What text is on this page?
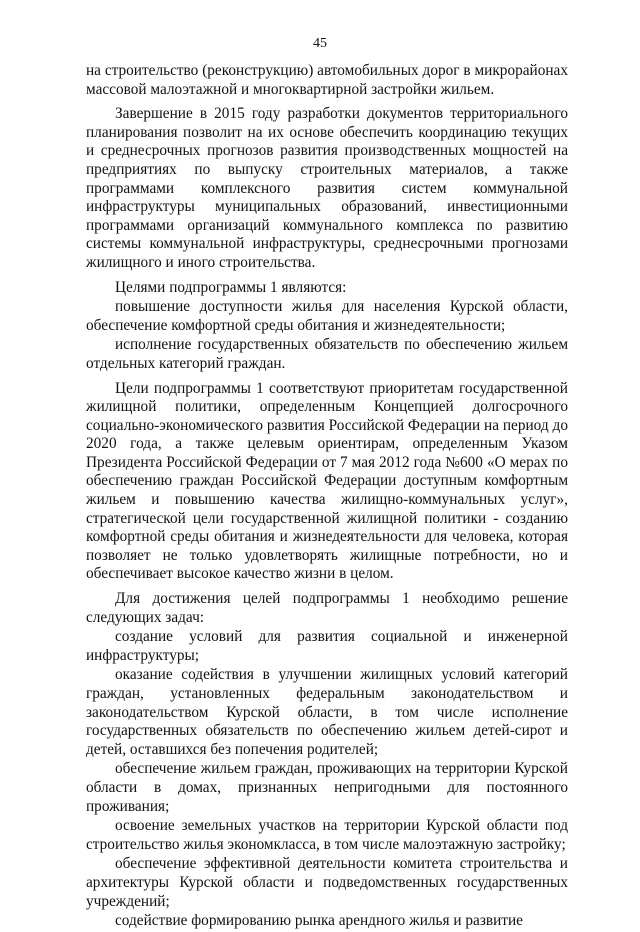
45

на строительство (реконструкцию) автомобильных дорог в микрорайонах массовой малоэтажной и многоквартирной застройки жильем.

Завершение в 2015 году разработки документов территориального планирования позволит на их основе обеспечить координацию текущих и среднесрочных прогнозов развития производственных мощностей на предприятиях по выпуску строительных материалов, а также программами комплексного развития систем коммунальной инфраструктуры муниципальных образований, инвестиционными программами организаций коммунального комплекса по развитию системы коммунальной инфраструктуры, среднесрочными прогнозами жилищного и иного строительства.

Целями подпрограммы 1 являются:

повышение доступности жилья для населения Курской области, обеспечение комфортной среды обитания и жизнедеятельности;

исполнение государственных обязательств по обеспечению жильем отдельных категорий граждан.

Цели подпрограммы 1 соответствуют приоритетам государственной жилищной политики, определенным Концепцией долгосрочного социально-экономического развития Российской Федерации на период до 2020 года, а также целевым ориентирам, определенным Указом Президента Российской Федерации от 7 мая 2012 года №600 «О мерах по обеспечению граждан Российской Федерации доступным комфортным жильем и повышению качества жилищно-коммунальных услуг», стратегической цели государственной жилищной политики - созданию комфортной среды обитания и жизнедеятельности для человека, которая позволяет не только удовлетворять жилищные потребности, но и обеспечивает высокое качество жизни в целом.

Для достижения целей подпрограммы 1 необходимо решение следующих задач:

создание условий для развития социальной и инженерной инфраструктуры;

оказание содействия в улучшении жилищных условий категорий граждан, установленных федеральным законодательством и законодательством Курской области, в том числе исполнение государственных обязательств по обеспечению жильем детей-сирот и детей, оставшихся без попечения родителей;

обеспечение жильем граждан, проживающих на территории Курской области в домах, признанных непригодными для постоянного проживания;

освоение земельных участков на территории Курской области под строительство жилья экономкласса, в том числе малоэтажную застройку;

обеспечение эффективной деятельности комитета строительства и архитектуры Курской области и подведомственных государственных учреждений;

содействие формированию рынка арендного жилья и развитие
